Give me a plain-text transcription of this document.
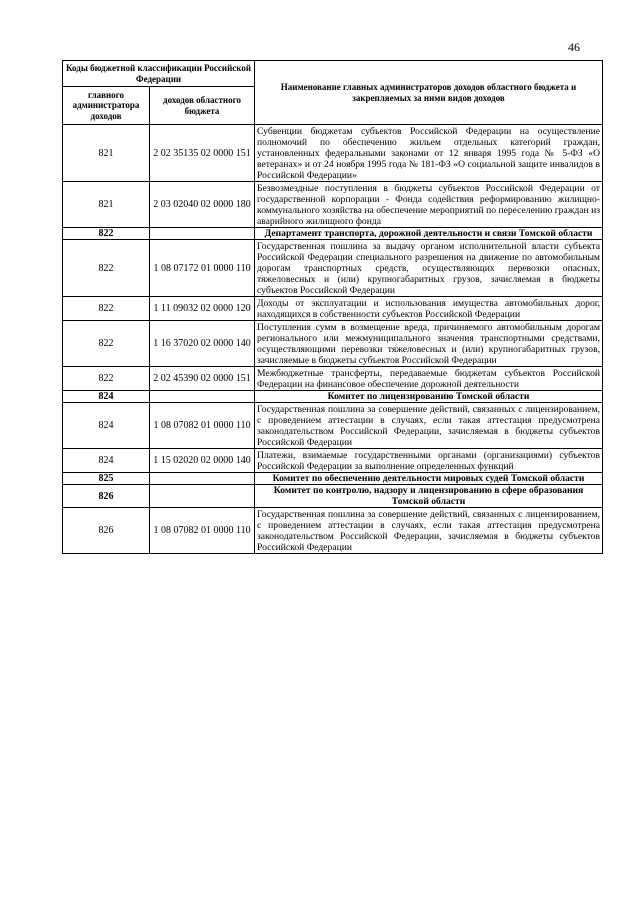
46
Коды бюджетной классификации Российской Федерации		Наименование главных администраторов доходов областного бюджета и закрепляемых за ними видов доходов
главного администратора доходов	доходов областного бюджета	
821	2 02 35135 02 0000 151	Субвенции бюджетам субъектов Российской Федерации на осуществление полномочий по обеспечению жильем отдельных категорий граждан, установленных федеральными законами от 12 января 1995 года № 5-ФЗ «О ветеранах» и от 24 ноября 1995 года № 181-ФЗ «О социальной защите инвалидов в Российской Федерации»
821	2 03 02040 02 0000 180	Безвозмездные поступления в бюджеты субъектов Российской Федерации от государственной корпорации - Фонда содействия реформированию жилищно-коммунального хозяйства на обеспечение мероприятий по переселению граждан из аварийного жилищного фонда
822		Департамент транспорта, дорожной деятельности и связи Томской области
822	1 08 07172 01 0000 110	Государственная пошлина за выдачу органом исполнительной власти субъекта Российской Федерации специального разрешения на движение по автомобильным дорогам транспортных средств, осуществляющих перевозки опасных, тяжеловесных и (или) крупногабаритных грузов, зачисляемая в бюджеты субъектов Российской Федерации
822	1 11 09032 02 0000 120	Доходы от эксплуатации и использования имущества автомобильных дорог, находящихся в собственности субъектов Российской Федерации
822	1 16 37020 02 0000 140	Поступления сумм в возмещение вреда, причиняемого автомобильным дорогам регионального или межмуниципального значения транспортными средствами, осуществляющими перевозки тяжеловесных и (или) крупногабаритных грузов, зачисляемые в бюджеты субъектов Российской Федерации
822	2 02 45390 02 0000 151	Межбюджетные трансферты, передаваемые бюджетам субъектов Российской Федерации на финансовое обеспечение дорожной деятельности
824		Комитет по лицензированию Томской области
824	1 08 07082 01 0000 110	Государственная пошлина за совершение действий, связанных с лицензированием, с проведением аттестации в случаях, если такая аттестация предусмотрена законодательством Российской Федерации, зачисляемая в бюджеты субъектов Российской Федерации
824	1 15 02020 02 0000 140	Платежи, взимаемые государственными органами (организациями) субъектов Российской Федерации за выполнение определенных функций
825		Комитет по обеспечению деятельности мировых судей Томской области
826		Комитет по контролю, надзору и лицензированию в сфере образования Томской области
826	1 08 07082 01 0000 110	Государственная пошлина за совершение действий, связанных с лицензированием, с проведением аттестации в случаях, если такая аттестация предусмотрена законодательством Российской Федерации, зачисляемая в бюджеты субъектов Российской Федерации
